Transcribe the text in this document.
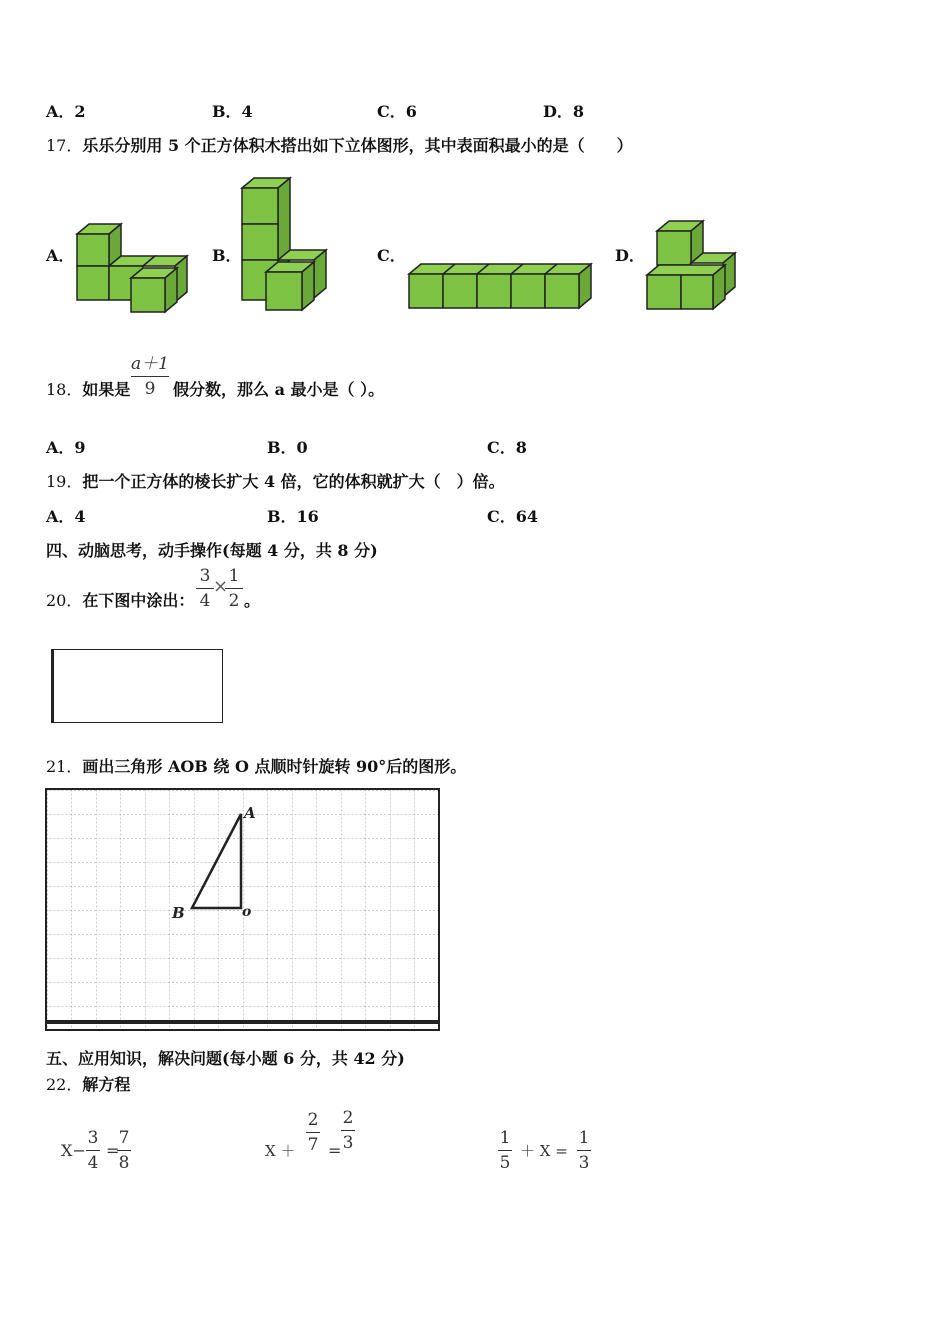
A．2	B．4	C．6	D．8
17．乐乐分别用 5 个正方体积木搭出如下立体图形，其中表面积最小的是（　　）
A．	B．	C．	D．
18．如果是
a＋1
9 假分数，那么 a 最小是（ ）。
A．9	B．0	C．8
19．把一个正方体的棱长扩大 4 倍，它的体积就扩大（　）倍。
A．4	B．16	C．64
四、动脑思考，动手操作(每题 4 分，共 8 分)
20．在下图中涂出：
3
4
× 1
2 。
21．画出三角形 AOB 绕 O 点顺时针旋转 90°后的图形。
A
B	o
五、应用知识，解决问题(每小题 6 分，共 42 分)
22．解方程
X−
3
4
=
7
8
X ＋
2
7 =
2
3	1
5
＋ X =
1
3
